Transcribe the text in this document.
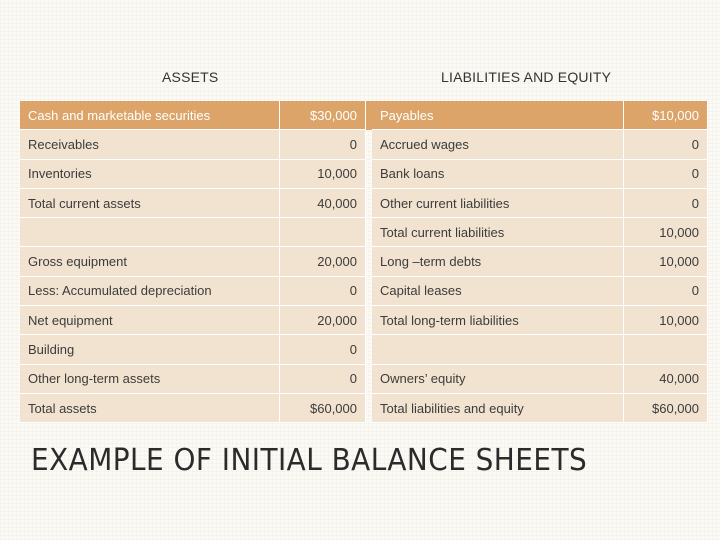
ASSETS	LIABILITIES AND EQUITY
Cash and marketable securities	$30,000		Payables	$10,000
Receivables	0		Accrued wages	0
Inventories	10,000		Bank loans	0
Total current assets	40,000		Other current liabilities	0
			Total current liabilities	10,000
Gross equipment	20,000		Long –term debts	10,000
Less: Accumulated depreciation	0		Capital leases	0
Net equipment	20,000		Total long-term liabilities	10,000
Building	0			
Other long-term assets	0		Owners’ equity	40,000
Total assets	$60,000		Total liabilities and equity	$60,000
EXAMPLE OF INITIAL BALANCE SHEETS
